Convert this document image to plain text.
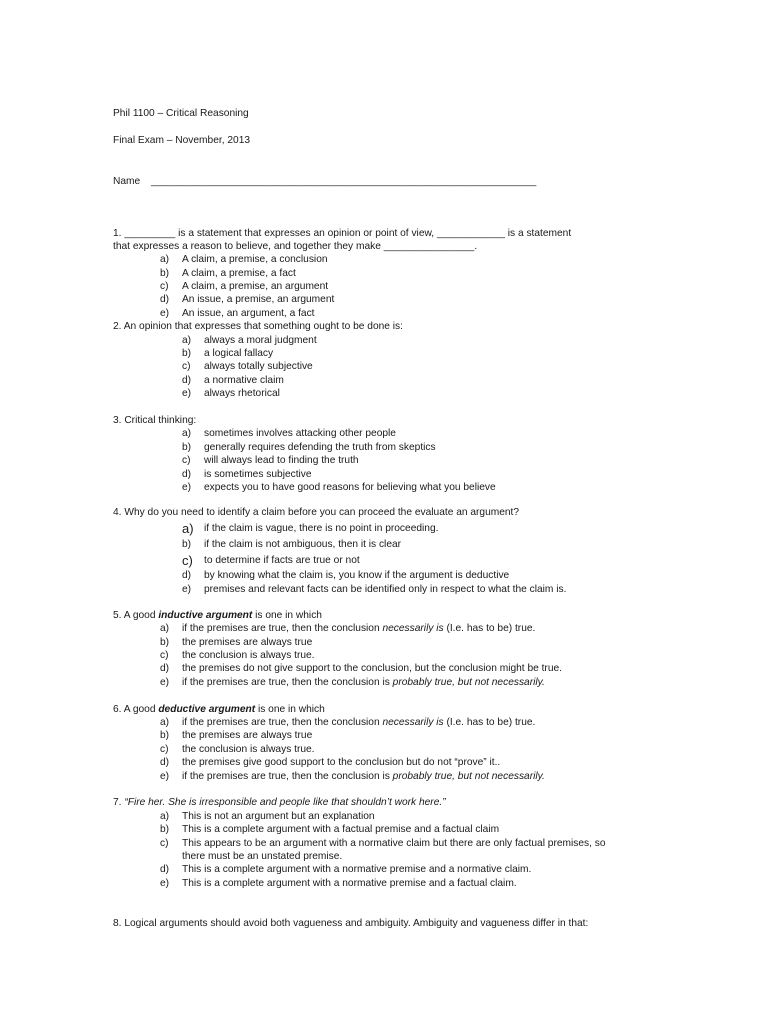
Phil 1100 – Critical Reasoning
Final Exam – November, 2013
Name ____________________________________________________________________
1. _________ is a statement that expresses an opinion or point of view, ____________ is a statement
that expresses a reason to believe, and together they make ________________.
a)	A claim, a premise, a conclusion
b)	A claim, a premise, a fact
c)	A claim, a premise, an argument
d)	An issue, a premise, an argument
e)	An issue, an argument, a fact
2. An opinion that expresses that something ought to be done is:
a)	always a moral judgment
b)	a logical fallacy
c)	always totally subjective
d)	a normative claim
e)	always rhetorical
3. Critical thinking:
a)	sometimes involves attacking other people
b)	generally requires defending the truth from skeptics
c)	will always lead to finding the truth
d)	is sometimes subjective
e)	expects you to have good reasons for believing what you believe
4. Why do you need to identify a claim before you can proceed the evaluate an argument?
a)	if the claim is vague, there is no point in proceeding.
b)	if the claim is not ambiguous, then it is clear
c)	to determine if facts are true or not
d)	by knowing what the claim is, you know if the argument is deductive
e)	premises and relevant facts can be identified only in respect to what the claim is.
5. A good inductive argument is one in which
a)	if the premises are true, then the conclusion necessarily is (I.e. has to be) true.
b)	the premises are always true
c)	the conclusion is always true.
d)	the premises do not give support to the conclusion, but the conclusion might be true.
e)	if the premises are true, then the conclusion is probably true, but not necessarily.
6. A good deductive argument is one in which
a)	if the premises are true, then the conclusion necessarily is (I.e. has to be) true.
b)	the premises are always true
c)	the conclusion is always true.
d)	the premises give good support to the conclusion but do not “prove” it..
e)	if the premises are true, then the conclusion is probably true, but not necessarily.
7. “Fire her. She is irresponsible and people like that shouldn’t work here.”
a)	This is not an argument but an explanation
b)	This is a complete argument with a factual premise and a factual claim
c)	This appears to be an argument with a normative claim but there are only factual premises, so
there must be an unstated premise.
d)	This is a complete argument with a normative premise and a normative claim.
e)	This is a complete argument with a normative premise and a factual claim.
8. Logical arguments should avoid both vagueness and ambiguity. Ambiguity and vagueness differ in that:
